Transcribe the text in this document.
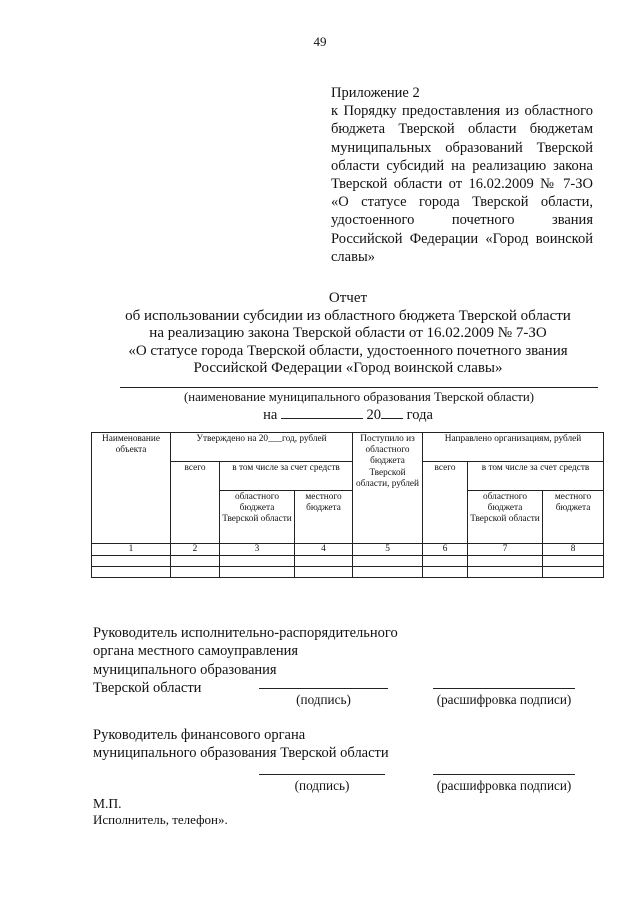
49
Приложение 2
к Порядку предоставления из областного бюджета Тверской области бюджетам муниципальных образований Тверской области субсидий на реализацию закона Тверской области от 16.02.2009 № 7-ЗО «О статусе города Тверской области, удостоенного почетного звания Российской Федерации «Город воинской славы»
Отчет
об использовании субсидии из областного бюджета Тверской области
на реализацию закона Тверской области от 16.02.2009 № 7-ЗО
«О статусе города Тверской области, удостоенного почетного звания
Российской Федерации «Город воинской славы»
(наименование муниципального образования Тверской области)
на	20 года
Наименование объекта	Утверждено на 20___год, рублей			Поступило из областного бюджета Тверской области, рублей	Направлено организациям, рублей		
	всего	в том числе за счет средств			всего	в том числе за счет средств	
		областного бюджета Тверской области	местного бюджета			областного бюджета Тверской области	местного бюджета
1	2	3	4	5	6	7	8

Руководитель исполнительно-распорядительного
органа местного самоуправления
муниципального образования
Тверской области
(подпись)	(расшифровка подписи)
Руководитель финансового органа
муниципального образования Тверской области
(подпись)	(расшифровка подписи)
М.П.
Исполнитель, телефон».
